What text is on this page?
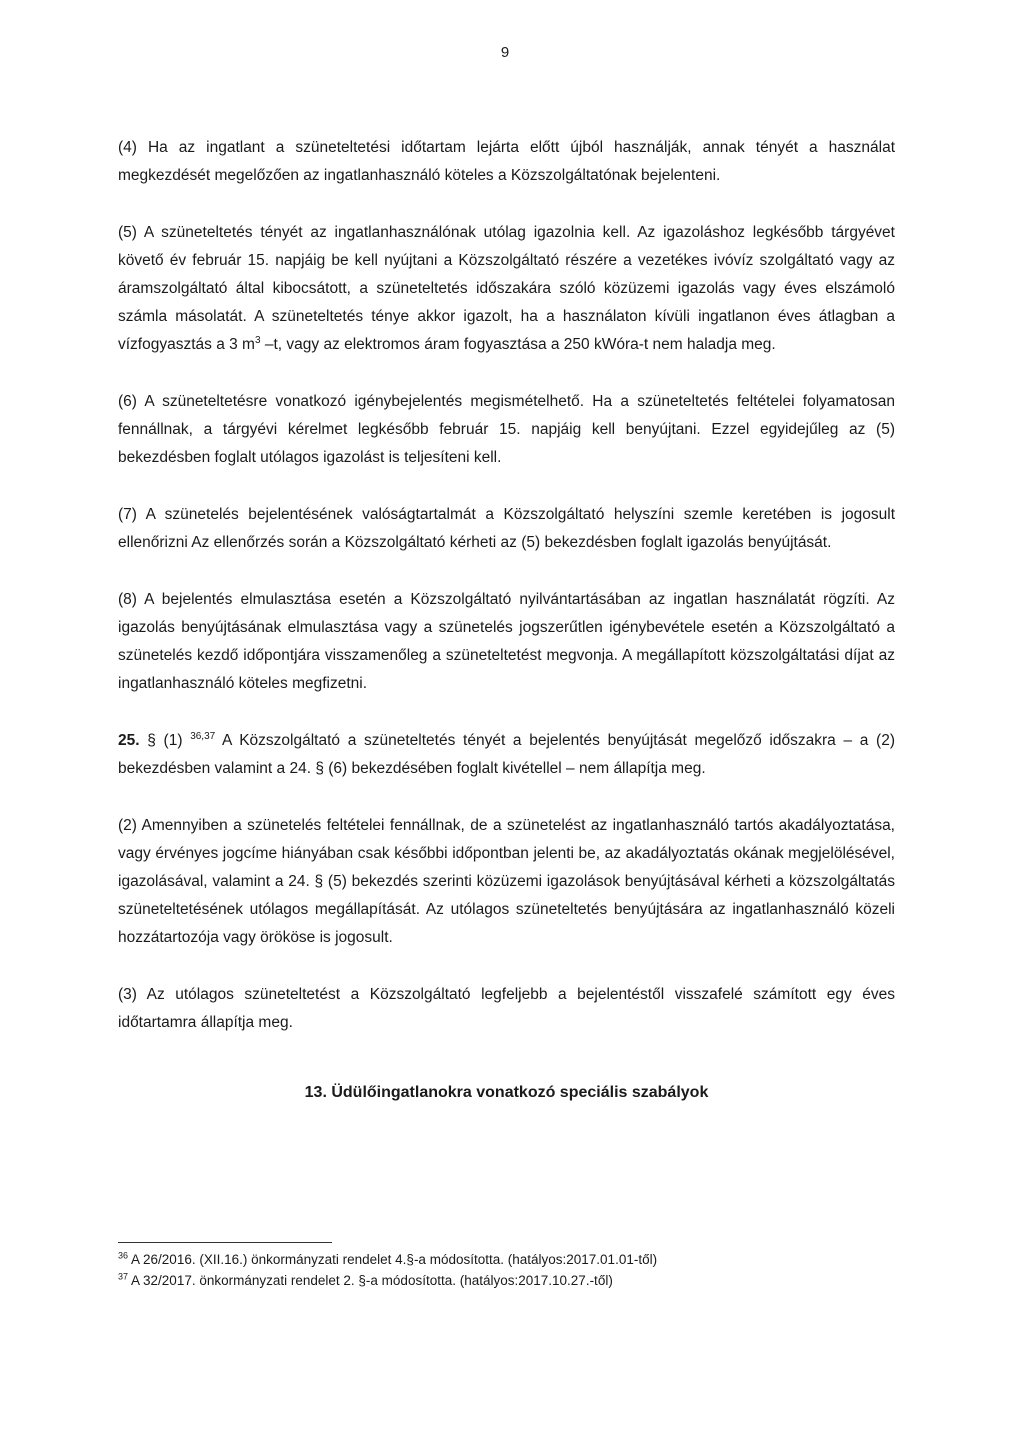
9

(4) Ha az ingatlant a szüneteltetési időtartam lejárta előtt újból használják, annak tényét a használat megkezdését megelőzően az ingatlanhasználó köteles a Közszolgáltatónak bejelenteni.

(5) A szüneteltetés tényét az ingatlanhasználónak utólag igazolnia kell. Az igazoláshoz legkésőbb tárgyévet követő év február 15. napjáig be kell nyújtani a Közszolgáltató részére a vezetékes ivóvíz szolgáltató vagy az áramszolgáltató által kibocsátott, a szüneteltetés időszakára szóló közüzemi igazolás vagy éves elszámoló számla másolatát. A szüneteltetés ténye akkor igazolt, ha a használaton kívüli ingatlanon éves átlagban a vízfogyasztás a 3 $m^3$ –t, vagy az elektromos áram fogyasztása a 250 kWóra-t nem haladja meg.

(6) A szüneteltetésre vonatkozó igénybejelentés megismételhető. Ha a szüneteltetés feltételei folyamatosan fennállnak, a tárgyévi kérelmet legkésőbb február 15. napjáig kell benyújtani. Ezzel egyidejűleg az (5) bekezdésben foglalt utólagos igazolást is teljesíteni kell.

(7) A szünetelés bejelentésének valóságtartalmát a Közszolgáltató helyszíni szemle keretében is jogosult ellenőrizni Az ellenőrzés során a Közszolgáltató kérheti az (5) bekezdésben foglalt igazolás benyújtását.

(8) A bejelentés elmulasztása esetén a Közszolgáltató nyilvántartásában az ingatlan használatát rögzíti. Az igazolás benyújtásának elmulasztása vagy a szünetelés jogszerűtlen igénybevétele esetén a Közszolgáltató a szünetelés kezdő időpontjára visszamenőleg a szüneteltetést megvonja. A megállapított közszolgáltatási díjat az ingatlanhasználó köteles megfizetni.

25. § (1) $^{36,37}$ A Közszolgáltató a szüneteltetés tényét a bejelentés benyújtását megelőző időszakra – a (2) bekezdésben valamint a 24. § (6) bekezdésében foglalt kivétellel – nem állapítja meg.

(2) Amennyiben a szünetelés feltételei fennállnak, de a szünetelést az ingatlanhasználó tartós akadályoztatása, vagy érvényes jogcíme hiányában csak későbbi időpontban jelenti be, az akadályoztatás okának megjelölésével, igazolásával, valamint a 24. § (5) bekezdés szerinti közüzemi igazolások benyújtásával kérheti a közszolgáltatás szüneteltetésének utólagos megállapítását. Az utólagos szüneteltetés benyújtására az ingatlanhasználó közeli hozzátartozója vagy örököse is jogosult.

(3) Az utólagos szüneteltetést a Közszolgáltató legfeljebb a bejelentéstől visszafelé számított egy éves időtartamra állapítja meg.

13. Üdülőingatlanokra vonatkozó speciális szabályok
$^{36}$ A 26/2016. (XII.16.) önkormányzati rendelet 4.§-a módosította. (hatályos:2017.01.01-től)
$^{37}$ A 32/2017. önkormányzati rendelet 2. §-a módosította. (hatályos:2017.10.27.-től)
